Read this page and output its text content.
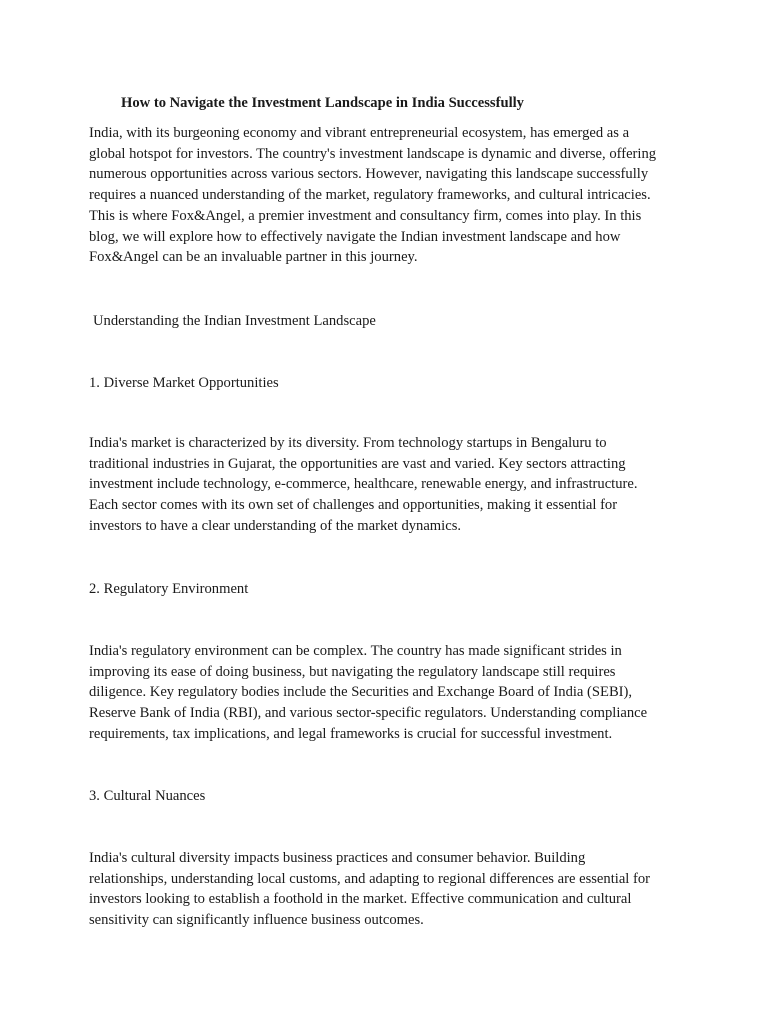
How to Navigate the Investment Landscape in India Successfully

India, with its burgeoning economy and vibrant entrepreneurial ecosystem, has emerged as a
global hotspot for investors. The country's investment landscape is dynamic and diverse, offering
numerous opportunities across various sectors. However, navigating this landscape successfully
requires a nuanced understanding of the market, regulatory frameworks, and cultural intricacies.
This is where Fox&Angel, a premier investment and consultancy firm, comes into play. In this
blog, we will explore how to effectively navigate the Indian investment landscape and how
Fox&Angel can be an invaluable partner in this journey.

Understanding the Indian Investment Landscape
1. Diverse Market Opportunities

India's market is characterized by its diversity. From technology startups in Bengaluru to
traditional industries in Gujarat, the opportunities are vast and varied. Key sectors attracting
investment include technology, e-commerce, healthcare, renewable energy, and infrastructure.
Each sector comes with its own set of challenges and opportunities, making it essential for
investors to have a clear understanding of the market dynamics.

2. Regulatory Environment

India's regulatory environment can be complex. The country has made significant strides in
improving its ease of doing business, but navigating the regulatory landscape still requires
diligence. Key regulatory bodies include the Securities and Exchange Board of India (SEBI),
Reserve Bank of India (RBI), and various sector-specific regulators. Understanding compliance
requirements, tax implications, and legal frameworks is crucial for successful investment.

3. Cultural Nuances

India's cultural diversity impacts business practices and consumer behavior. Building
relationships, understanding local customs, and adapting to regional differences are essential for
investors looking to establish a foothold in the market. Effective communication and cultural
sensitivity can significantly influence business outcomes.
